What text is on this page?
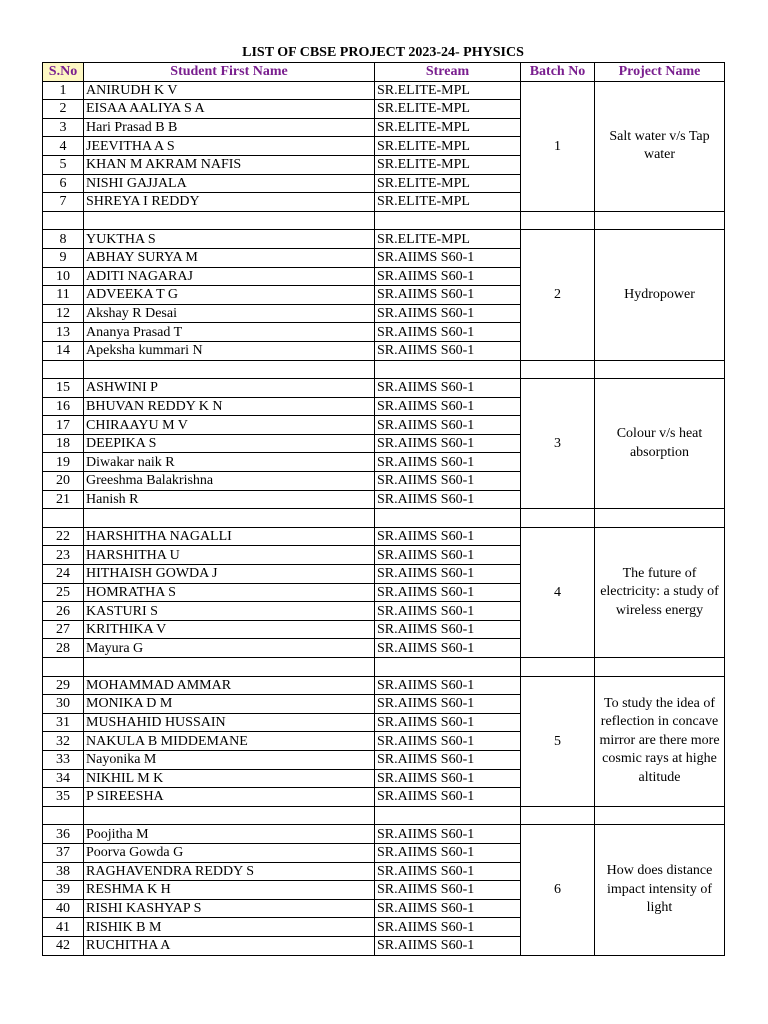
LIST OF CBSE PROJECT 2023-24- PHYSICS
S.No	Student First Name	Stream	Batch No	Project Name
1	ANIRUDH K V	SR.ELITE-MPL	1	Salt water v/s Tap water
2	EISAA AALIYA S A	SR.ELITE-MPL		
3	Hari Prasad B B	SR.ELITE-MPL		
4	JEEVITHA A S	SR.ELITE-MPL		
5	KHAN M AKRAM NAFIS	SR.ELITE-MPL		
6	NISHI GAJJALA	SR.ELITE-MPL		
7	SHREYA I REDDY	SR.ELITE-MPL		

8	YUKTHA S	SR.ELITE-MPL	2	Hydropower
9	ABHAY SURYA M	SR.AIIMS S60-1		
10	ADITI NAGARAJ	SR.AIIMS S60-1		
11	ADVEEKA T G	SR.AIIMS S60-1		
12	Akshay R Desai	SR.AIIMS S60-1		
13	Ananya Prasad T	SR.AIIMS S60-1		
14	Apeksha kummari N	SR.AIIMS S60-1		

15	ASHWINI P	SR.AIIMS S60-1	3	Colour v/s heat absorption
16	BHUVAN REDDY K N	SR.AIIMS S60-1		
17	CHIRAAYU M V	SR.AIIMS S60-1		
18	DEEPIKA S	SR.AIIMS S60-1		
19	Diwakar naik R	SR.AIIMS S60-1		
20	Greeshma Balakrishna	SR.AIIMS S60-1		
21	Hanish R	SR.AIIMS S60-1		

22	HARSHITHA NAGALLI	SR.AIIMS S60-1	4	The future of electricity: a study of wireless energy
23	HARSHITHA U	SR.AIIMS S60-1		
24	HITHAISH GOWDA J	SR.AIIMS S60-1		
25	HOMRATHA S	SR.AIIMS S60-1		
26	KASTURI S	SR.AIIMS S60-1		
27	KRITHIKA V	SR.AIIMS S60-1		
28	Mayura G	SR.AIIMS S60-1		

29	MOHAMMAD AMMAR	SR.AIIMS S60-1	5	To study the idea of reflection in concave mirror are there more cosmic rays at highe altitude
30	MONIKA D M	SR.AIIMS S60-1		
31	MUSHAHID HUSSAIN	SR.AIIMS S60-1		
32	NAKULA B MIDDEMANE	SR.AIIMS S60-1		
33	Nayonika M	SR.AIIMS S60-1		
34	NIKHIL M K	SR.AIIMS S60-1		
35	P SIREESHA	SR.AIIMS S60-1		

36	Poojitha M	SR.AIIMS S60-1	6	How does distance impact intensity of light
37	Poorva Gowda G	SR.AIIMS S60-1		
38	RAGHAVENDRA REDDY S	SR.AIIMS S60-1		
39	RESHMA K H	SR.AIIMS S60-1		
40	RISHI KASHYAP S	SR.AIIMS S60-1		
41	RISHIK B M	SR.AIIMS S60-1		
42	RUCHITHA A	SR.AIIMS S60-1		
